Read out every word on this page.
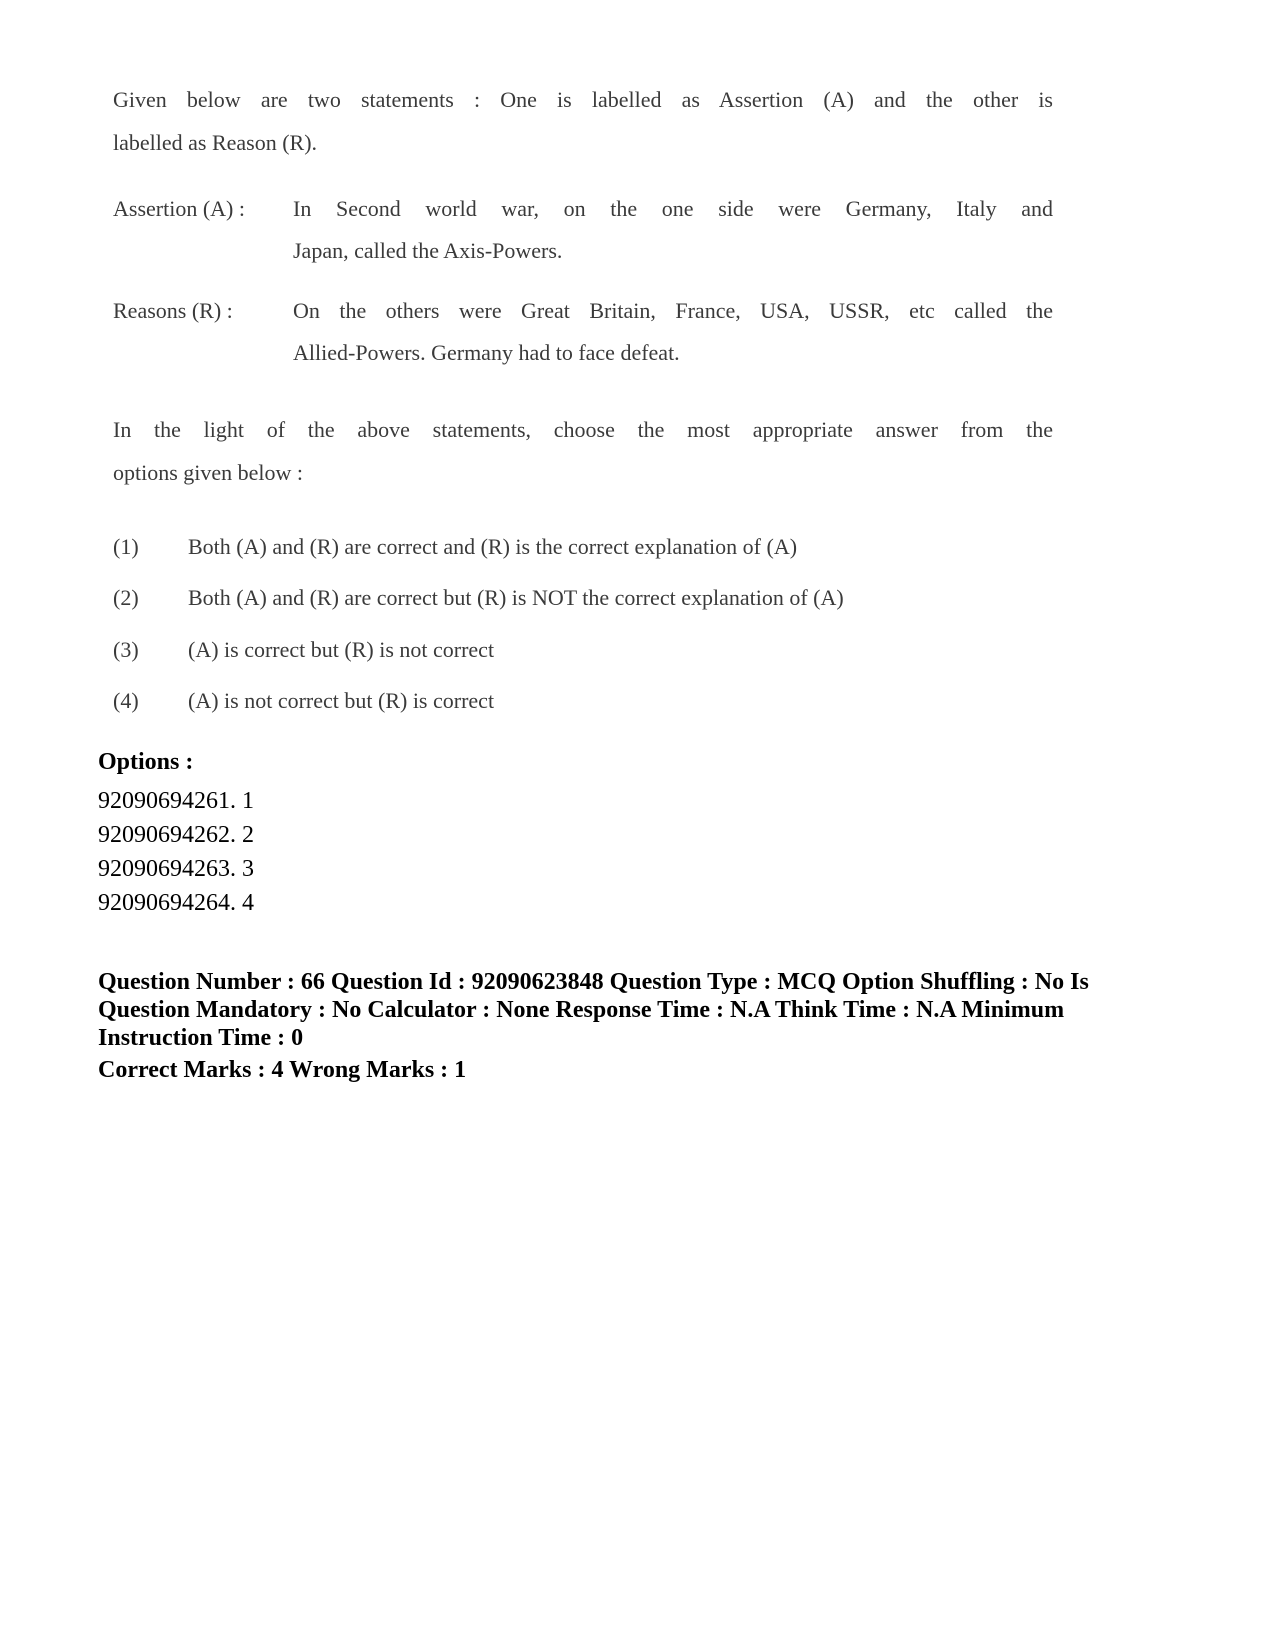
Given below are two statements : One is labelled as Assertion (A) and the other is

labelled as Reason (R).

Assertion (A) :	In Second world war, on the one side were Germany, Italy and

Japan, called the Axis-Powers.

Reasons (R) :	On the others were Great Britain, France, USA, USSR, etc called the

Allied-Powers. Germany had to face defeat.

In the light of the above statements, choose the most appropriate answer from the

options given below :

(1) Both (A) and (R) are correct and (R) is the correct explanation of (A)
(2) Both (A) and (R) are correct but (R) is NOT the correct explanation of (A)
(3) (A) is correct but (R) is not correct
(4) (A) is not correct but (R) is correct
Options :
92090694261. 1
92090694262. 2
92090694263. 3
92090694264. 4
Question Number : 66 Question Id : 92090623848 Question Type : MCQ Option Shuffling : No Is Question Mandatory : No Calculator : None Response Time : N.A Think Time : N.A Minimum Instruction Time : 0
Correct Marks : 4 Wrong Marks : 1
